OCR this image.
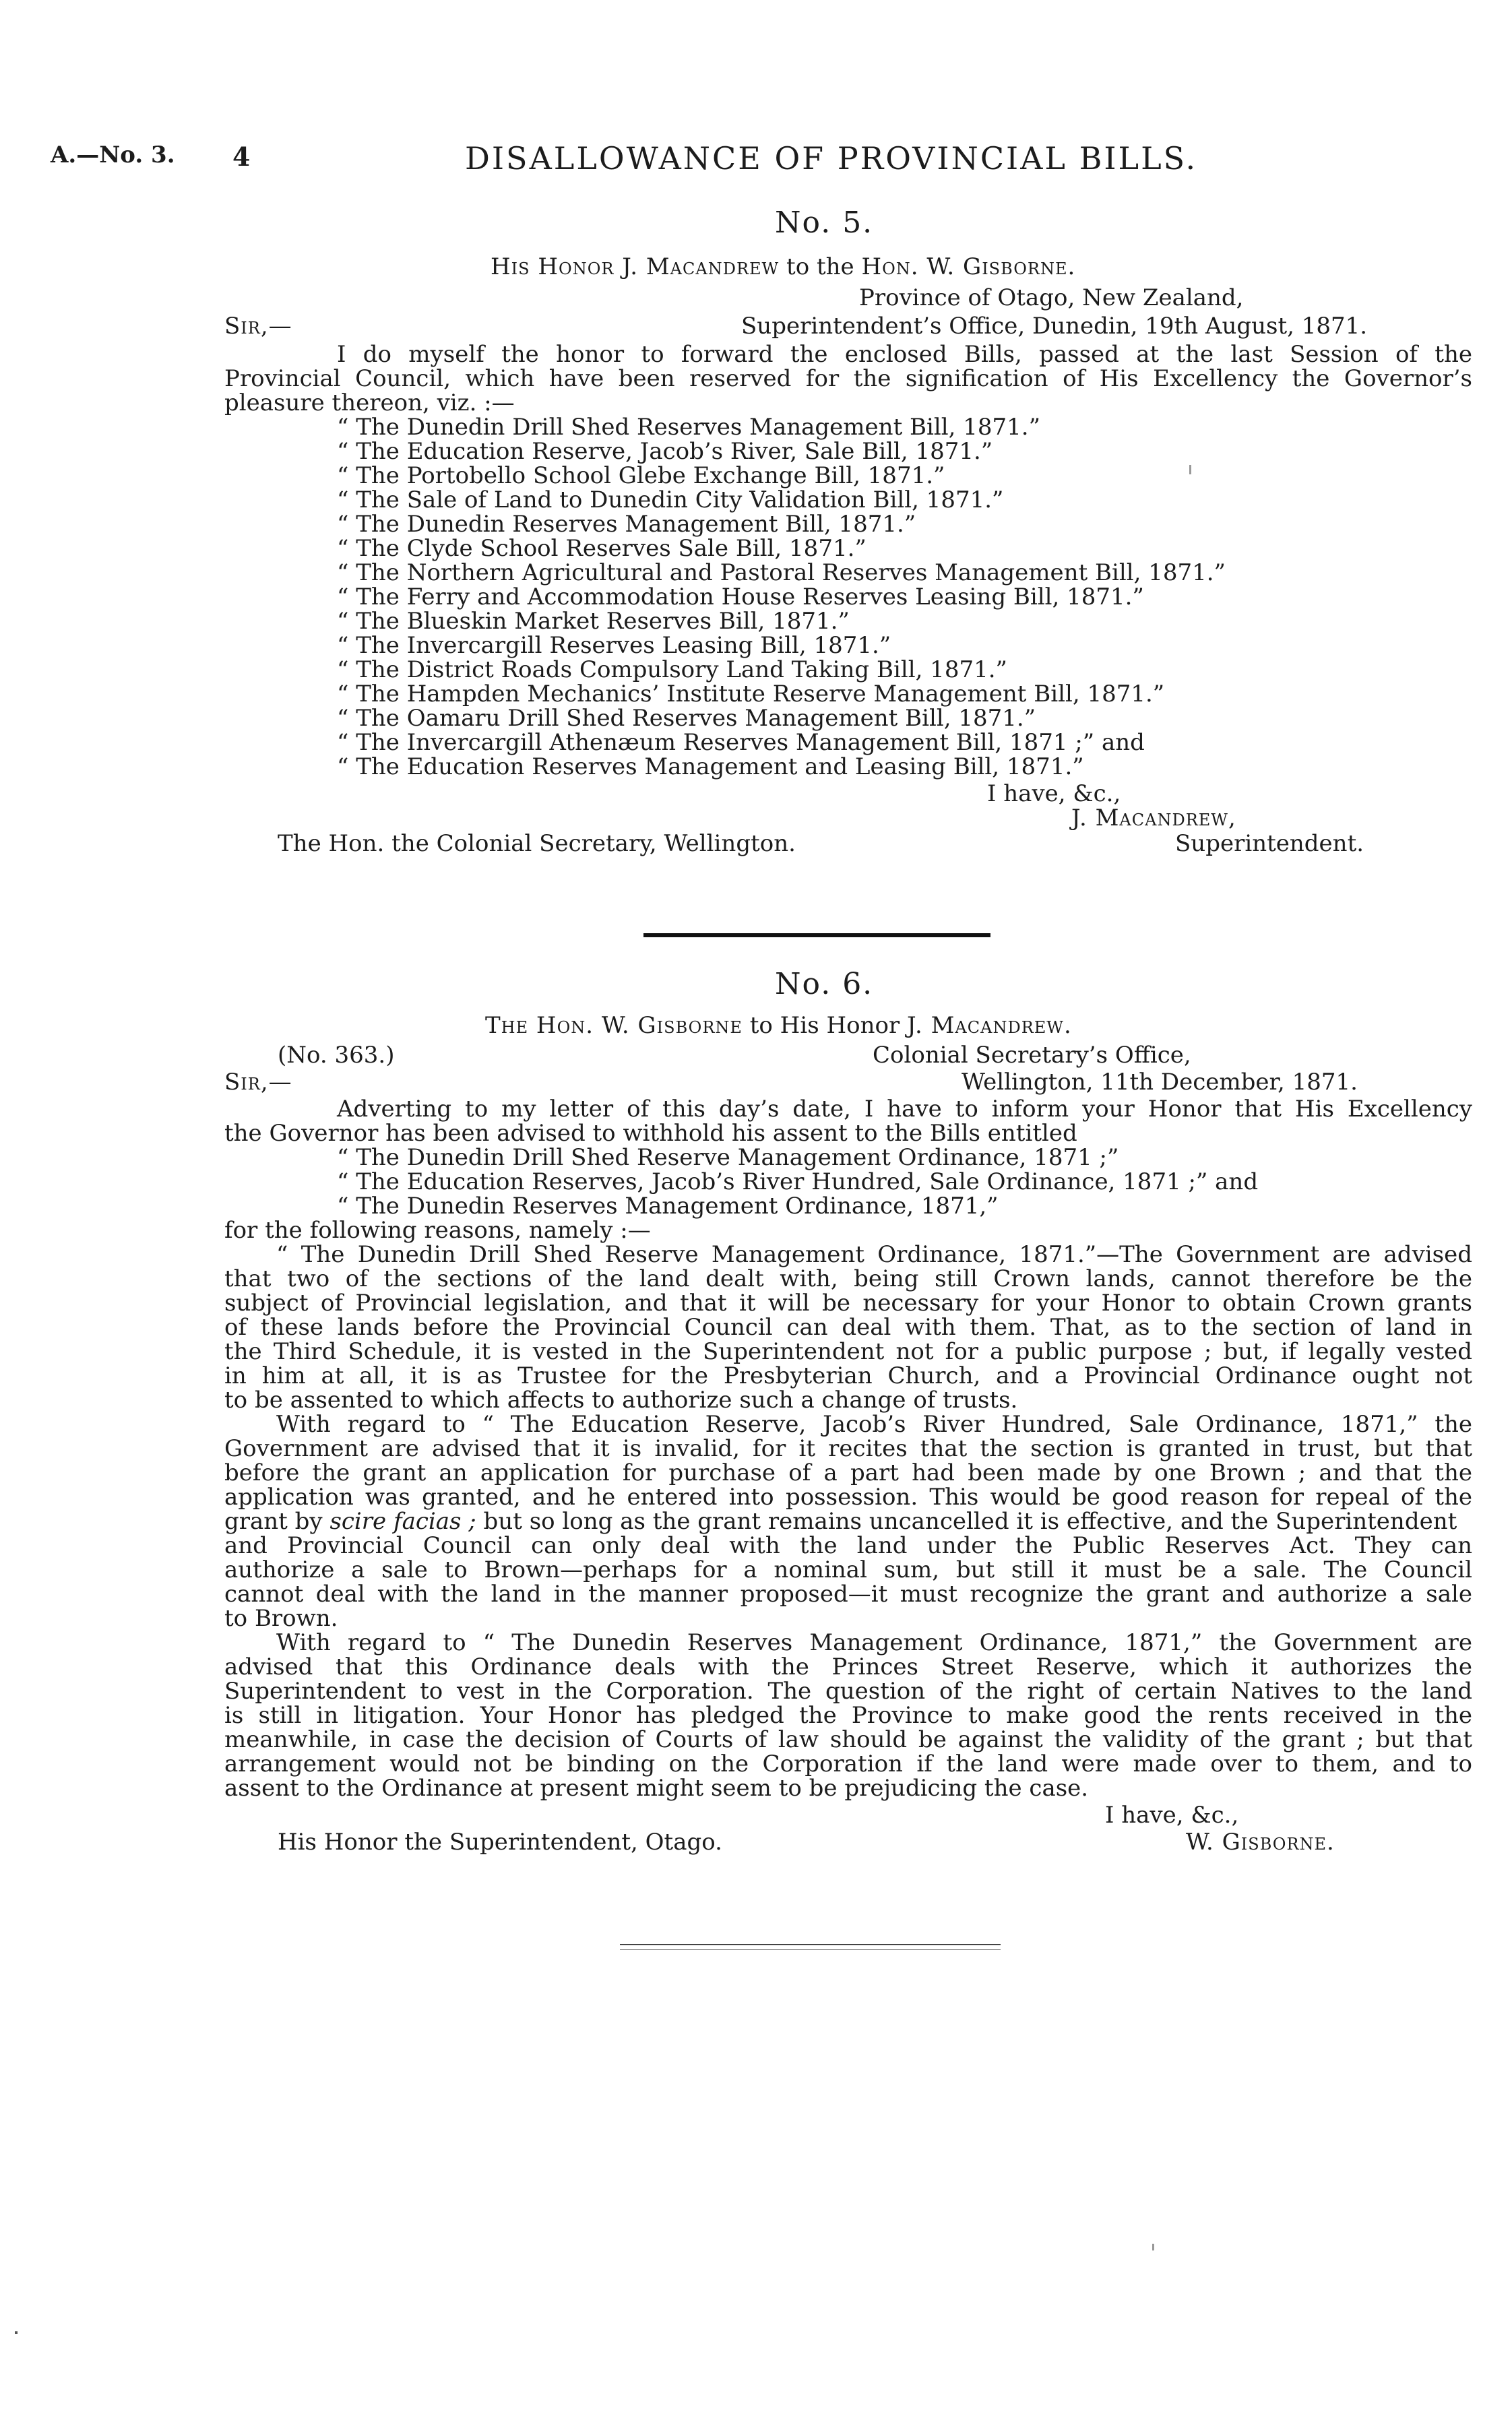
A.—No. 3. 4	DISALLOWANCE OF PROVINCIAL BILLS.
No. 5.
His Honor J. Macandrew to the Hon. W. Gisborne.
Province of Otago, New Zealand,
Sir,—	Superintendent’s Office, Dunedin, 19th August, 1871.
I do myself the honor to forward the enclosed Bills, passed at the last Session of the
Provincial Council, which have been reserved for the signification of His Excellency the Governor’s
pleasure thereon, viz. :—
“ The Dunedin Drill Shed Reserves Management Bill, 1871.”
“ The Education Reserve, Jacob’s River, Sale Bill, 1871.”
“ The Portobello School Glebe Exchange Bill, 1871.”
“ The Sale of Land to Dunedin City Validation Bill, 1871.”
“ The Dunedin Reserves Management Bill, 1871.”
“ The Clyde School Reserves Sale Bill, 1871.”
“ The Northern Agricultural and Pastoral Reserves Management Bill, 1871.”
“ The Ferry and Accommodation House Reserves Leasing Bill, 1871.”
“ The Blueskin Market Reserves Bill, 1871.”
“ The Invercargill Reserves Leasing Bill, 1871.”
“ The District Roads Compulsory Land Taking Bill, 1871.”
“ The Hampden Mechanics’ Institute Reserve Management Bill, 1871.”
“ The Oamaru Drill Shed Reserves Management Bill, 1871.”
“ The Invercargill Athenæum Reserves Management Bill, 1871 ;” and
“ The Education Reserves Management and Leasing Bill, 1871.”
I have, &c.,
J. Macandrew,
The Hon. the Colonial Secretary, Wellington.	Superintendent.
No. 6.
The Hon. W. Gisborne to His Honor J. Macandrew.
(No. 363.)	Colonial Secretary’s Office,
Sir,—	Wellington, 11th December, 1871.
Adverting to my letter of this day’s date, I have to inform your Honor that His Excellency
the Governor has been advised to withhold his assent to the Bills entitled
“ The Dunedin Drill Shed Reserve Management Ordinance, 1871 ;”
“ The Education Reserves, Jacob’s River Hundred, Sale Ordinance, 1871 ;” and
“ The Dunedin Reserves Management Ordinance, 1871,”
for the following reasons, namely :—
“ The Dunedin Drill Shed Reserve Management Ordinance, 1871.”—The Government are advised
that two of the sections of the land dealt with, being still Crown lands, cannot therefore be the
subject of Provincial legislation, and that it will be necessary for your Honor to obtain Crown grants
of these lands before the Provincial Council can deal with them. That, as to the section of land in
the Third Schedule, it is vested in the Superintendent not for a public purpose ; but, if legally vested
in him at all, it is as Trustee for the Presbyterian Church, and a Provincial Ordinance ought not
to be assented to which affects to authorize such a change of trusts.
With regard to “ The Education Reserve, Jacob’s River Hundred, Sale Ordinance, 1871,” the
Government are advised that it is invalid, for it recites that the section is granted in trust, but that
before the grant an application for purchase of a part had been made by one Brown ; and that the
application was granted, and he entered into possession. This would be good reason for repeal of the
grant by scire facias ; but so long as the grant remains uncancelled it is effective, and the Superintendent
and Provincial Council can only deal with the land under the Public Reserves Act. They can
authorize a sale to Brown—perhaps for a nominal sum, but still it must be a sale. The Council
cannot deal with the land in the manner proposed—it must recognize the grant and authorize a sale
to Brown.
With regard to “ The Dunedin Reserves Management Ordinance, 1871,” the Government are
advised that this Ordinance deals with the Princes Street Reserve, which it authorizes the
Superintendent to vest in the Corporation. The question of the right of certain Natives to the land
is still in litigation. Your Honor has pledged the Province to make good the rents received in the
meanwhile, in case the decision of Courts of law should be against the validity of the grant ; but that
arrangement would not be binding on the Corporation if the land were made over to them, and to
assent to the Ordinance at present might seem to be prejudicing the case.
I have, &c.,
His Honor the Superintendent, Otago.	W. Gisborne.
